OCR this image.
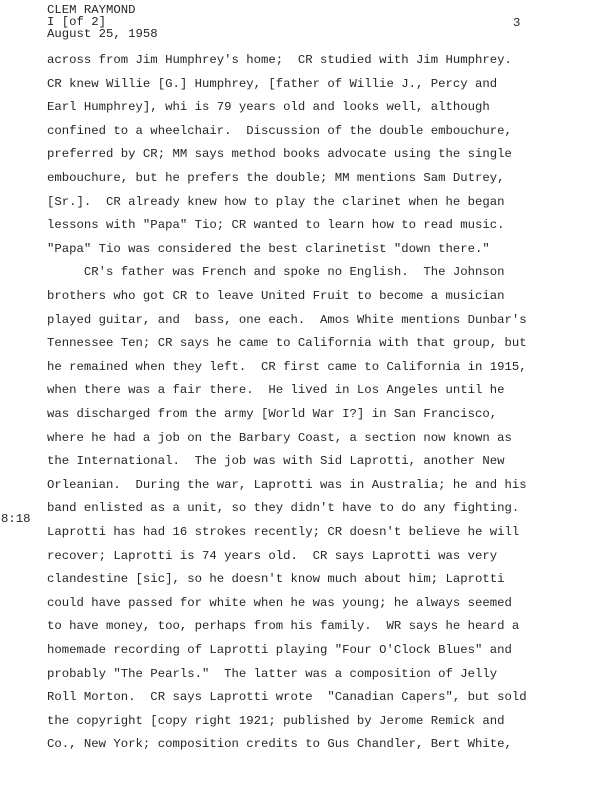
CLEM RAYMOND
I [of 2]
August 25, 1958
3
8:18
across from Jim Humphrey's home;  CR studied with Jim Humphrey.
CR knew Willie [G.] Humphrey, [father of Willie J., Percy and
Earl Humphrey], whi is 79 years old and looks well, although
confined to a wheelchair.  Discussion of the double embouchure,
preferred by CR; MM says method books advocate using the single
embouchure, but he prefers the double; MM mentions Sam Dutrey,
[Sr.].  CR already knew how to play the clarinet when he began
lessons with "Papa" Tio; CR wanted to learn how to read music.
"Papa" Tio was considered the best clarinetist "down there."
CR's father was French and spoke no English.  The Johnson
brothers who got CR to leave United Fruit to become a musician
played guitar, and  bass, one each.  Amos White mentions Dunbar's
Tennessee Ten; CR says he came to California with that group, but
he remained when they left.  CR first came to California in 1915,
when there was a fair there.  He lived in Los Angeles until he
was discharged from the army [World War I?] in San Francisco,
where he had a job on the Barbary Coast, a section now known as
the International.  The job was with Sid Laprotti, another New
Orleanian.  During the war, Laprotti was in Australia; he and his
band enlisted as a unit, so they didn't have to do any fighting.
Laprotti has had 16 strokes recently; CR doesn't believe he will
recover; Laprotti is 74 years old.  CR says Laprotti was very
clandestine [sic], so he doesn't know much about him; Laprotti
could have passed for white when he was young; he always seemed
to have money, too, perhaps from his family.  WR says he heard a
homemade recording of Laprotti playing "Four O'Clock Blues" and
probably "The Pearls."  The latter was a composition of Jelly
Roll Morton.  CR says Laprotti wrote  "Canadian Capers", but sold
the copyright [copy right 1921; published by Jerome Remick and
Co., New York; composition credits to Gus Chandler, Bert White,
